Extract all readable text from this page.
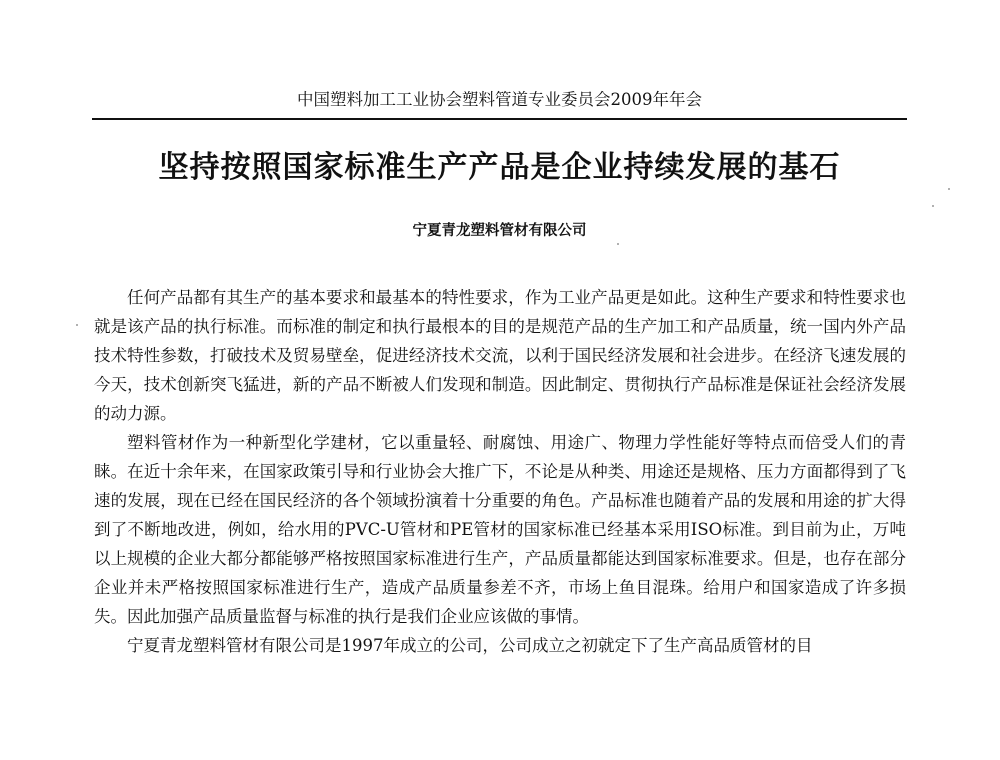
中国塑料加工工业协会塑料管道专业委员会2009年年会
坚持按照国家标准生产产品是企业持续发展的基石
宁夏青龙塑料管材有限公司

任何产品都有其生产的基本要求和最基本的特性要求，作为工业产品更是如此。这种生产要求和特性要求也就是该产品的执行标准。而标准的制定和执行最根本的目的是规范产品的生产加工和产品质量，统一国内外产品技术特性参数，打破技术及贸易壁垒，促进经济技术交流，以利于国民经济发展和社会进步。在经济飞速发展的今天，技术创新突飞猛进，新的产品不断被人们发现和制造。因此制定、贯彻执行产品标准是保证社会经济发展的动力源。

塑料管材作为一种新型化学建材，它以重量轻、耐腐蚀、用途广、物理力学性能好等特点而倍受人们的青睐。在近十余年来，在国家政策引导和行业协会大推广下，不论是从种类、用途还是规格、压力方面都得到了飞速的发展，现在已经在国民经济的各个领域扮演着十分重要的角色。产品标准也随着产品的发展和用途的扩大得到了不断地改进，例如，给水用的PVC-U管材和PE管材的国家标准已经基本采用ISO标准。到目前为止，万吨以上规模的企业大都分都能够严格按照国家标准进行生产，产品质量都能达到国家标准要求。但是，也存在部分企业并未严格按照国家标准进行生产，造成产品质量参差不齐，市场上鱼目混珠。给用户和国家造成了许多损失。因此加强产品质量监督与标准的执行是我们企业应该做的事情。

宁夏青龙塑料管材有限公司是1997年成立的公司，公司成立之初就定下了生产高品质管材的目
